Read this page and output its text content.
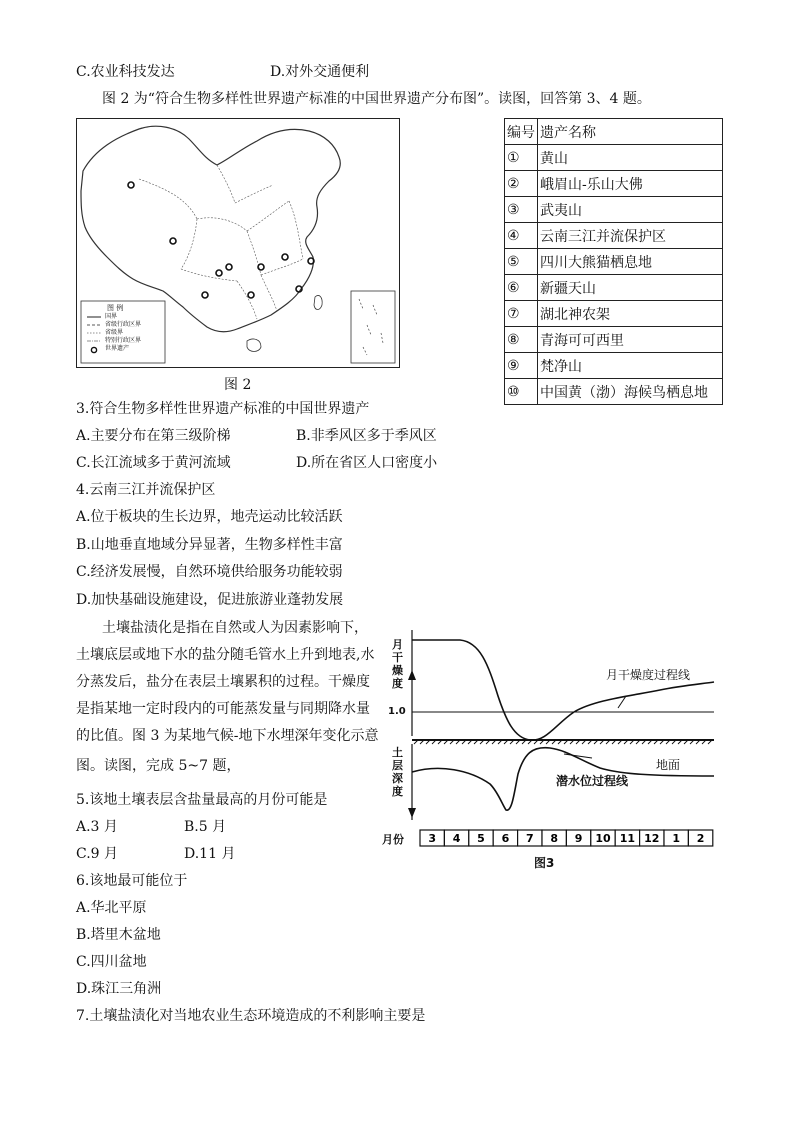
C.农业科技发达	D.对外交通便利
图 2 为“符合生物多样性世界遗产标准的中国世界遗产分布图”。读图，回答第 3、4 题。
图 例
国界
省级行政区界
省级界
特别行政区界
世界遗产
图 2
编号	遗产名称
①	黄山
②	峨眉山-乐山大佛
③	武夷山
④	云南三江并流保护区
⑤	四川大熊猫栖息地
⑥	新疆天山
⑦	湖北神农架
⑧	青海可可西里
⑨	梵净山
⑩	中国黄（渤）海候鸟栖息地
3.符合生物多样性世界遗产标准的中国世界遗产
A.主要分布在第三级阶梯	B.非季风区多于季风区
C.长江流域多于黄河流域	D.所在省区人口密度小
4.云南三江并流保护区
A.位于板块的生长边界，地壳运动比较活跃
B.山地垂直地域分异显著，生物多样性丰富
C.经济发展慢，自然环境供给服务功能较弱
D.加快基础设施建设，促进旅游业蓬勃发展
土壤盐渍化是指在自然或人为因素影响下，
土壤底层或地下水的盐分随毛管水上升到地表,水
分蒸发后，盐分在表层土壤累积的过程。干燥度
是指某地一定时段内的可能蒸发量与同期降水量
的比值。图 3 为某地气候-地下水埋深年变化示意
图。读图，完成 5~7 题，
5.该地土壤表层含盐量最高的月份可能是
A.3 月	B.5 月
C.9 月	D.11 月
6.该地最可能位于
A.华北平原
B.塔里木盆地
C.四川盆地
D.珠江三角洲
7.土壤盐渍化对当地农业生态环境造成的不利影响主要是
3 4 5 6 7 8 9 10 11 12 1 2
月
干
燥
度
土
层
深
度
1.0
月干燥度过程线
地面
潜水位过程线
月份
图3
